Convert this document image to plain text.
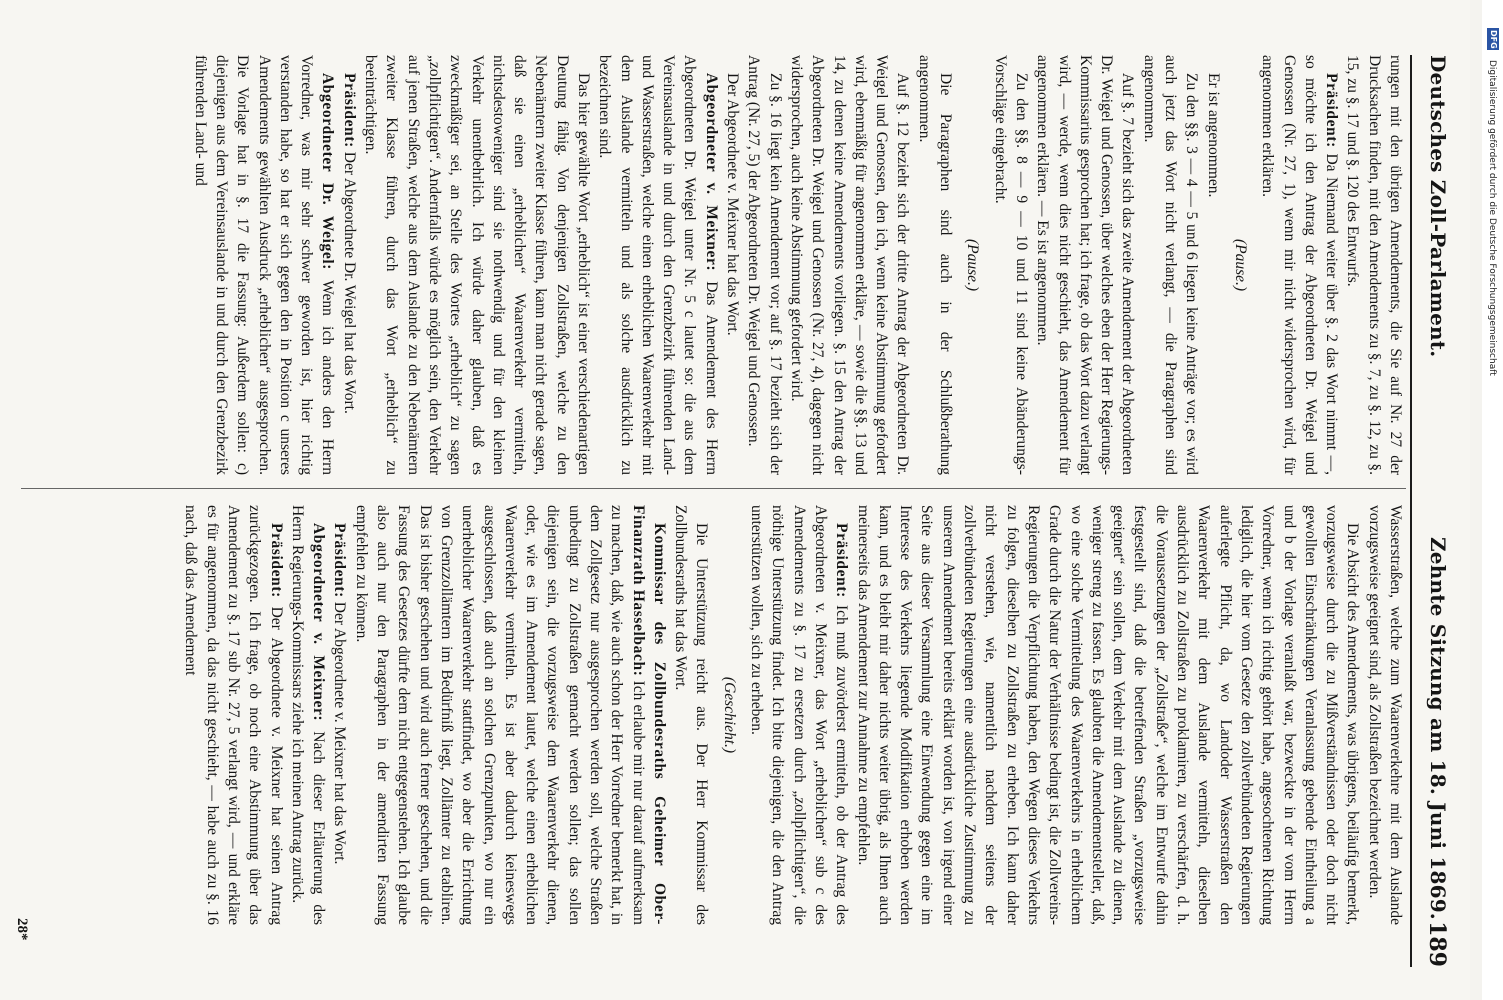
Deutsches Zoll-Parlament.
Zehnte Sitzung am 18. Juni 1869.
189

rungen mit den übrigen Amendements, die Sie auf Nr. 27 der Drucksachen finden, mit den Amendements zu §. 7, zu §. 12, zu §. 15, zu §. 17 und §. 120 des Entwurfs.

Präsident: Da Niemand weiter über §. 2 das Wort nimmt —, so möchte ich den Antrag der Abgeordneten Dr. Weigel und Genossen (Nr. 27, 1), wenn mir nicht widersprochen wird, für angenommen erklären.

(Pause.)

Er ist angenommen.

Zu den §§. 3 — 4 — 5 und 6 liegen keine Anträge vor; es wird auch jetzt das Wort nicht verlangt, — die Paragraphen sind angenommen.

Auf §. 7 bezieht sich das zweite Amendement der Abgeordneten Dr. Weigel und Genossen, über welches eben der Herr Regierungs-Kommissarius gesprochen hat; ich frage, ob das Wort dazu verlangt wird, — werde, wenn dies nicht geschieht, das Amendement für angenommen erklären. — Es ist angenommen.

Zu den §§. 8 — 9 — 10 und 11 sind keine Abänderungs-Vorschläge eingebracht.

(Pause.)

Die Paragraphen sind auch in der Schlußberathung angenommen.

Auf §. 12 bezieht sich der dritte Antrag der Abgeordneten Dr. Weigel und Genossen, den ich, wenn keine Abstimmung gefordert wird, ebenmäßig für angenommen erkläre, — sowie die §§. 13 und 14, zu denen keine Amendements vorliegen. §. 15 den Antrag der Abgeordneten Dr. Weigel und Genossen (Nr. 27, 4), dagegen nicht widersprochen, auch keine Abstimmung gefordert wird.

Zu §. 16 liegt kein Amendement vor; auf §. 17 bezieht sich der Antrag (Nr. 27, 5) der Abgeordneten Dr. Weigel und Genossen.

Der Abgeordnete v. Meixner hat das Wort.

Abgeordneter v. Meixner: Das Amendement des Herrn Abgeordneten Dr. Weigel unter Nr. 5 c lautet so: die aus dem Vereinsauslande in und durch den Grenzbezirk führenden Land- und Wasserstraßen, welche einen erheblichen Waarenverkehr mit dem Auslande vermitteln und als solche ausdrücklich zu bezeichnen sind.

Das hier gewählte Wort „erheblich“ ist einer verschiedenartigen Deutung fähig. Von denjenigen Zollstraßen, welche zu den Nebenämtern zweiter Klasse führen, kann man nicht gerade sagen, daß sie einen „erheblichen“ Waarenverkehr vermitteln, nichtsdestoweniger sind sie nothwendig und für den kleinen Verkehr unentbehrlich. Ich würde daher glauben, daß es zweckmäßiger sei, an Stelle des Wortes „erheblich“ zu sagen „zollpflichtigen“. Andernfalls würde es möglich sein, den Verkehr auf jenen Straßen, welche aus dem Auslande zu den Nebenämtern zweiter Klasse führen, durch das Wort „erheblich“ zu beeinträchtigen.

Präsident: Der Abgeordnete Dr. Weigel hat das Wort.

Abgeordneter Dr. Weigel: Wenn ich anders den Herrn Vorredner, was mir sehr schwer geworden ist, hier richtig verstanden habe, so hat er sich gegen den in Position c unseres Amendements gewählten Ausdruck „erheblichen“ ausgesprochen. Die Vorlage hat in §. 17 die Fassung: Außerdem sollen: c) diejenigen aus dem Vereinsauslande in und durch den Grenzbezirk führenden Land- und

Wasserstraßen, welche zum Waarenverkehre mit dem Auslande vorzugsweise geeignet sind, als Zollstraßen bezeichnet werden.

Die Absicht des Amendements, was übrigens, beiläufig bemerkt, vorzugsweise durch die zu Mißverständnissen oder doch nicht gewollten Einschränkungen Veranlassung gebende Eintheilung a und b der Vorlage veranlaßt war, bezweckte in der vom Herrn Vorredner, wenn ich richtig gehört habe, angesochtenen Richtung lediglich, die hier vom Gesetze den zollverbündeten Regierungen auferlegte Pflicht, da, wo Landoder Wasserstraßen den Waarenverkehr mit dem Auslande vermitteln, dieselben ausdrücklich zu Zollstraßen zu proklamiren, zu verschärfen, d. h. die Voraussetzungen der „Zollstraße“, welche im Entwurfe dahin festgestellt sind, daß die betreffenden Straßen „vorzugsweise geeignet“ sein sollen, dem Verkehr mit dem Auslande zu dienen, weniger streng zu fassen. Es glaubten die Amendementsteller, daß, wo eine solche Vermittelung des Waarenverkehrs in erheblichem Grade durch die Natur der Verhältnisse bedingt ist, die Zollvereins-Regierungen die Verpflichtung haben, den Wegen dieses Verkehrs zu folgen, dieselben zu Zollstraßen zu erheben. Ich kann daher nicht verstehen, wie, namentlich nachdem seitens der zollverbündeten Regierungen eine ausdrückliche Zustimmung zu unserem Amendement bereits erklärt worden ist, von irgend einer Seite aus dieser Versammlung eine Einwendung gegen eine im Interesse des Verkehrs liegende Modifikation erhoben werden kann, und es bleibt mir daher nichts weiter übrig, als Ihnen auch meinerseits das Amendement zur Annahme zu empfehlen.

Präsident: Ich muß zuvörderst ermitteln, ob der Antrag des Abgeordneten v. Meixner, das Wort „erheblichen“ sub c des Amendements zu §. 17 zu ersetzen durch „zollpflichtigen“, die nöthige Unterstützung findet. Ich bitte diejenigen, die den Antrag unterstützen wollen, sich zu erheben.

(Geschieht.)

Die Unterstützung reicht aus. Der Herr Kommissar des Zollbundesraths hat das Wort.

Kommissar des Zollbundesraths Geheimer Ober-Finanzrath Hasselbach: Ich erlaube mir nur darauf aufmerksam zu machen, daß, wie auch schon der Herr Vorredner bemerkt hat, in dem Zollgesetz nur ausgesprochen werden soll, welche Straßen unbedingt zu Zollstraßen gemacht werden sollen; das sollen diejenigen sein, die vorzugsweise dem Waarenverkehr dienen, oder, wie es im Amendement lautet, welche einen erheblichen Waarenverkehr vermitteln. Es ist aber dadurch keineswegs ausgeschlossen, daß auch an solchen Grenzpunkten, wo nur ein unerheblicher Waarenverkehr stattfindet, wo aber die Errichtung von Grenzzollämtern im Bedürfniß liegt, Zollämter zu etabliren. Das ist bisher geschehen und wird auch ferner geschehen, und die Fassung des Gesetzes dürfte dem nicht entgegenstehen. Ich glaube also auch nur den Paragraphen in der amendirten Fassung empfehlen zu können.

Präsident: Der Abgeordnete v. Meixner hat das Wort.

Abgeordneter v. Meixner: Nach dieser Erläuterung des Herrn Regierungs-Kommissars ziehe ich meinen Antrag zurück.

Präsident: Der Abgeordnete v. Meixner hat seinen Antrag zurückgezogen. Ich frage, ob noch eine Abstimmung über das Amendement zu §. 17 sub Nr. 27, 5 verlangt wird, — und erkläre es für angenommen, da das nicht geschieht, — habe auch zu §. 16 nach, daß das Amendement

28*
DFG
Digitalisierung gefördert durch die Deutsche Forschungsgemeinschaft
